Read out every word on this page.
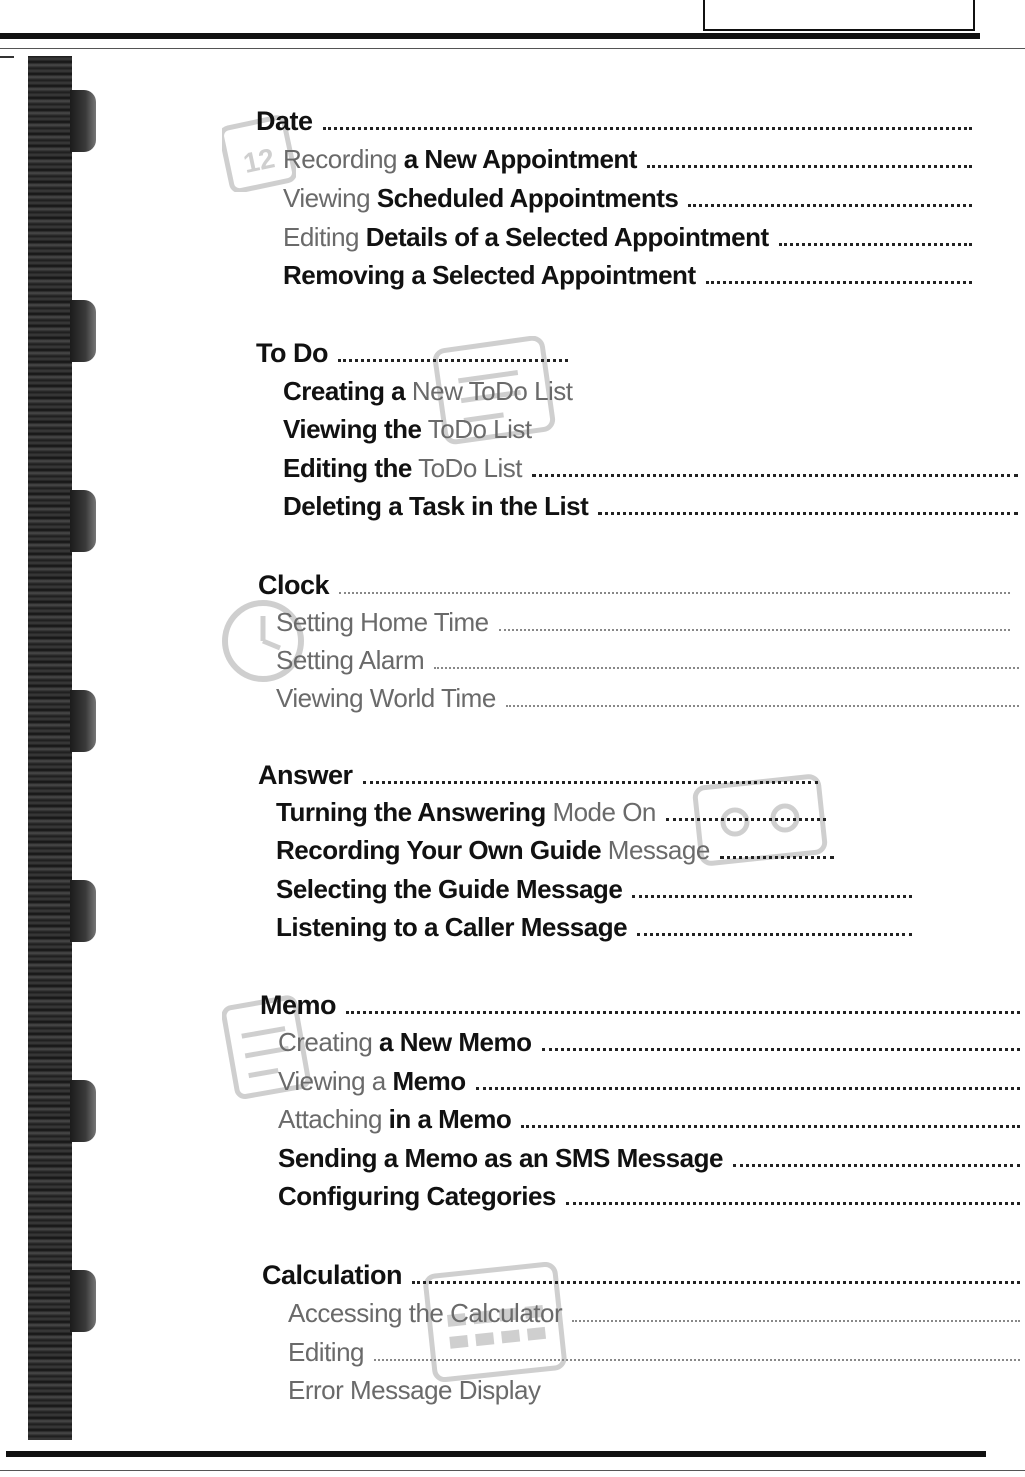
12
Date
Recording a New Appointment
Viewing Scheduled Appointments
Editing Details of a Selected Appointment
Removing a Selected Appointment
To Do
Creating a New ToDo List
Viewing the ToDo List
Editing the ToDo List
Deleting a Task in the List
Clock
Setting Home Time
Setting Alarm
Viewing World Time
Answer
Turning the Answering Mode On
Recording Your Own Guide Message
Selecting the Guide Message
Listening to a Caller Message
Memo
Creating a New Memo
Viewing a Memo
Attaching in a Memo
Sending a Memo as an SMS Message
Configuring Categories
Calculation
Accessing the Calculator
Editing
Error Message Display
